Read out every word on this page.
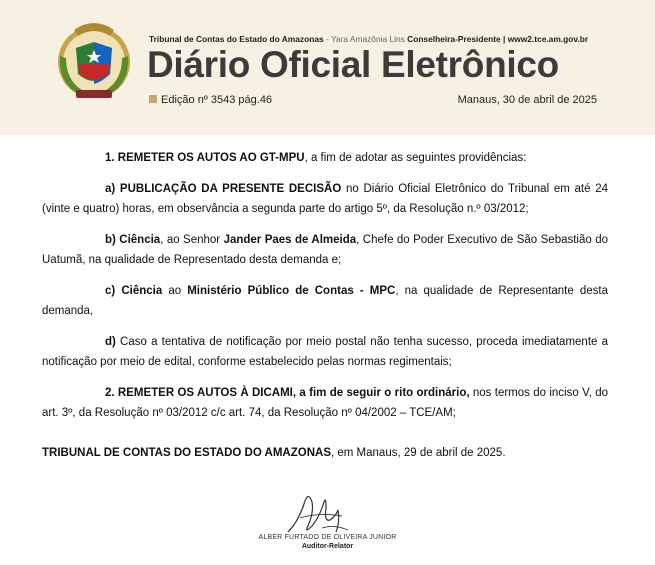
Tribunal de Contas do Estado do Amazonas - Yara Amazônia Lins Conselheira-Presidente | www2.tce.am.gov.br
Diário Oficial Eletrônico
Edição nº 3543 pág.46	Manaus, 30 de abril de 2025

1. REMETER OS AUTOS AO GT-MPU, a fim de adotar as seguintes providências:

a) PUBLICAÇÃO DA PRESENTE DECISÃO no Diário Oficial Eletrônico do Tribunal em até 24 (vinte e quatro) horas, em observância a segunda parte do artigo 5º, da Resolução n.º 03/2012;

b) Ciência, ao Senhor Jander Paes de Almeida, Chefe do Poder Executivo de São Sebastião do Uatumã, na qualidade de Representado desta demanda e;

c) Ciência ao Ministério Público de Contas - MPC, na qualidade de Representante desta demanda,

d) Caso a tentativa de notificação por meio postal não tenha sucesso, proceda imediatamente a notificação por meio de edital, conforme estabelecido pelas normas regimentais;

2. REMETER OS AUTOS À DICAMI, a fim de seguir o rito ordinário, nos termos do inciso V, do art. 3º, da Resolução nº 03/2012 c/c art. 74, da Resolução nº 04/2002 – TCE/AM;

TRIBUNAL DE CONTAS DO ESTADO DO AMAZONAS, em Manaus, 29 de abril de 2025.

ALBER FURTADO DE OLIVEIRA JUNIOR
Auditor-Relator
